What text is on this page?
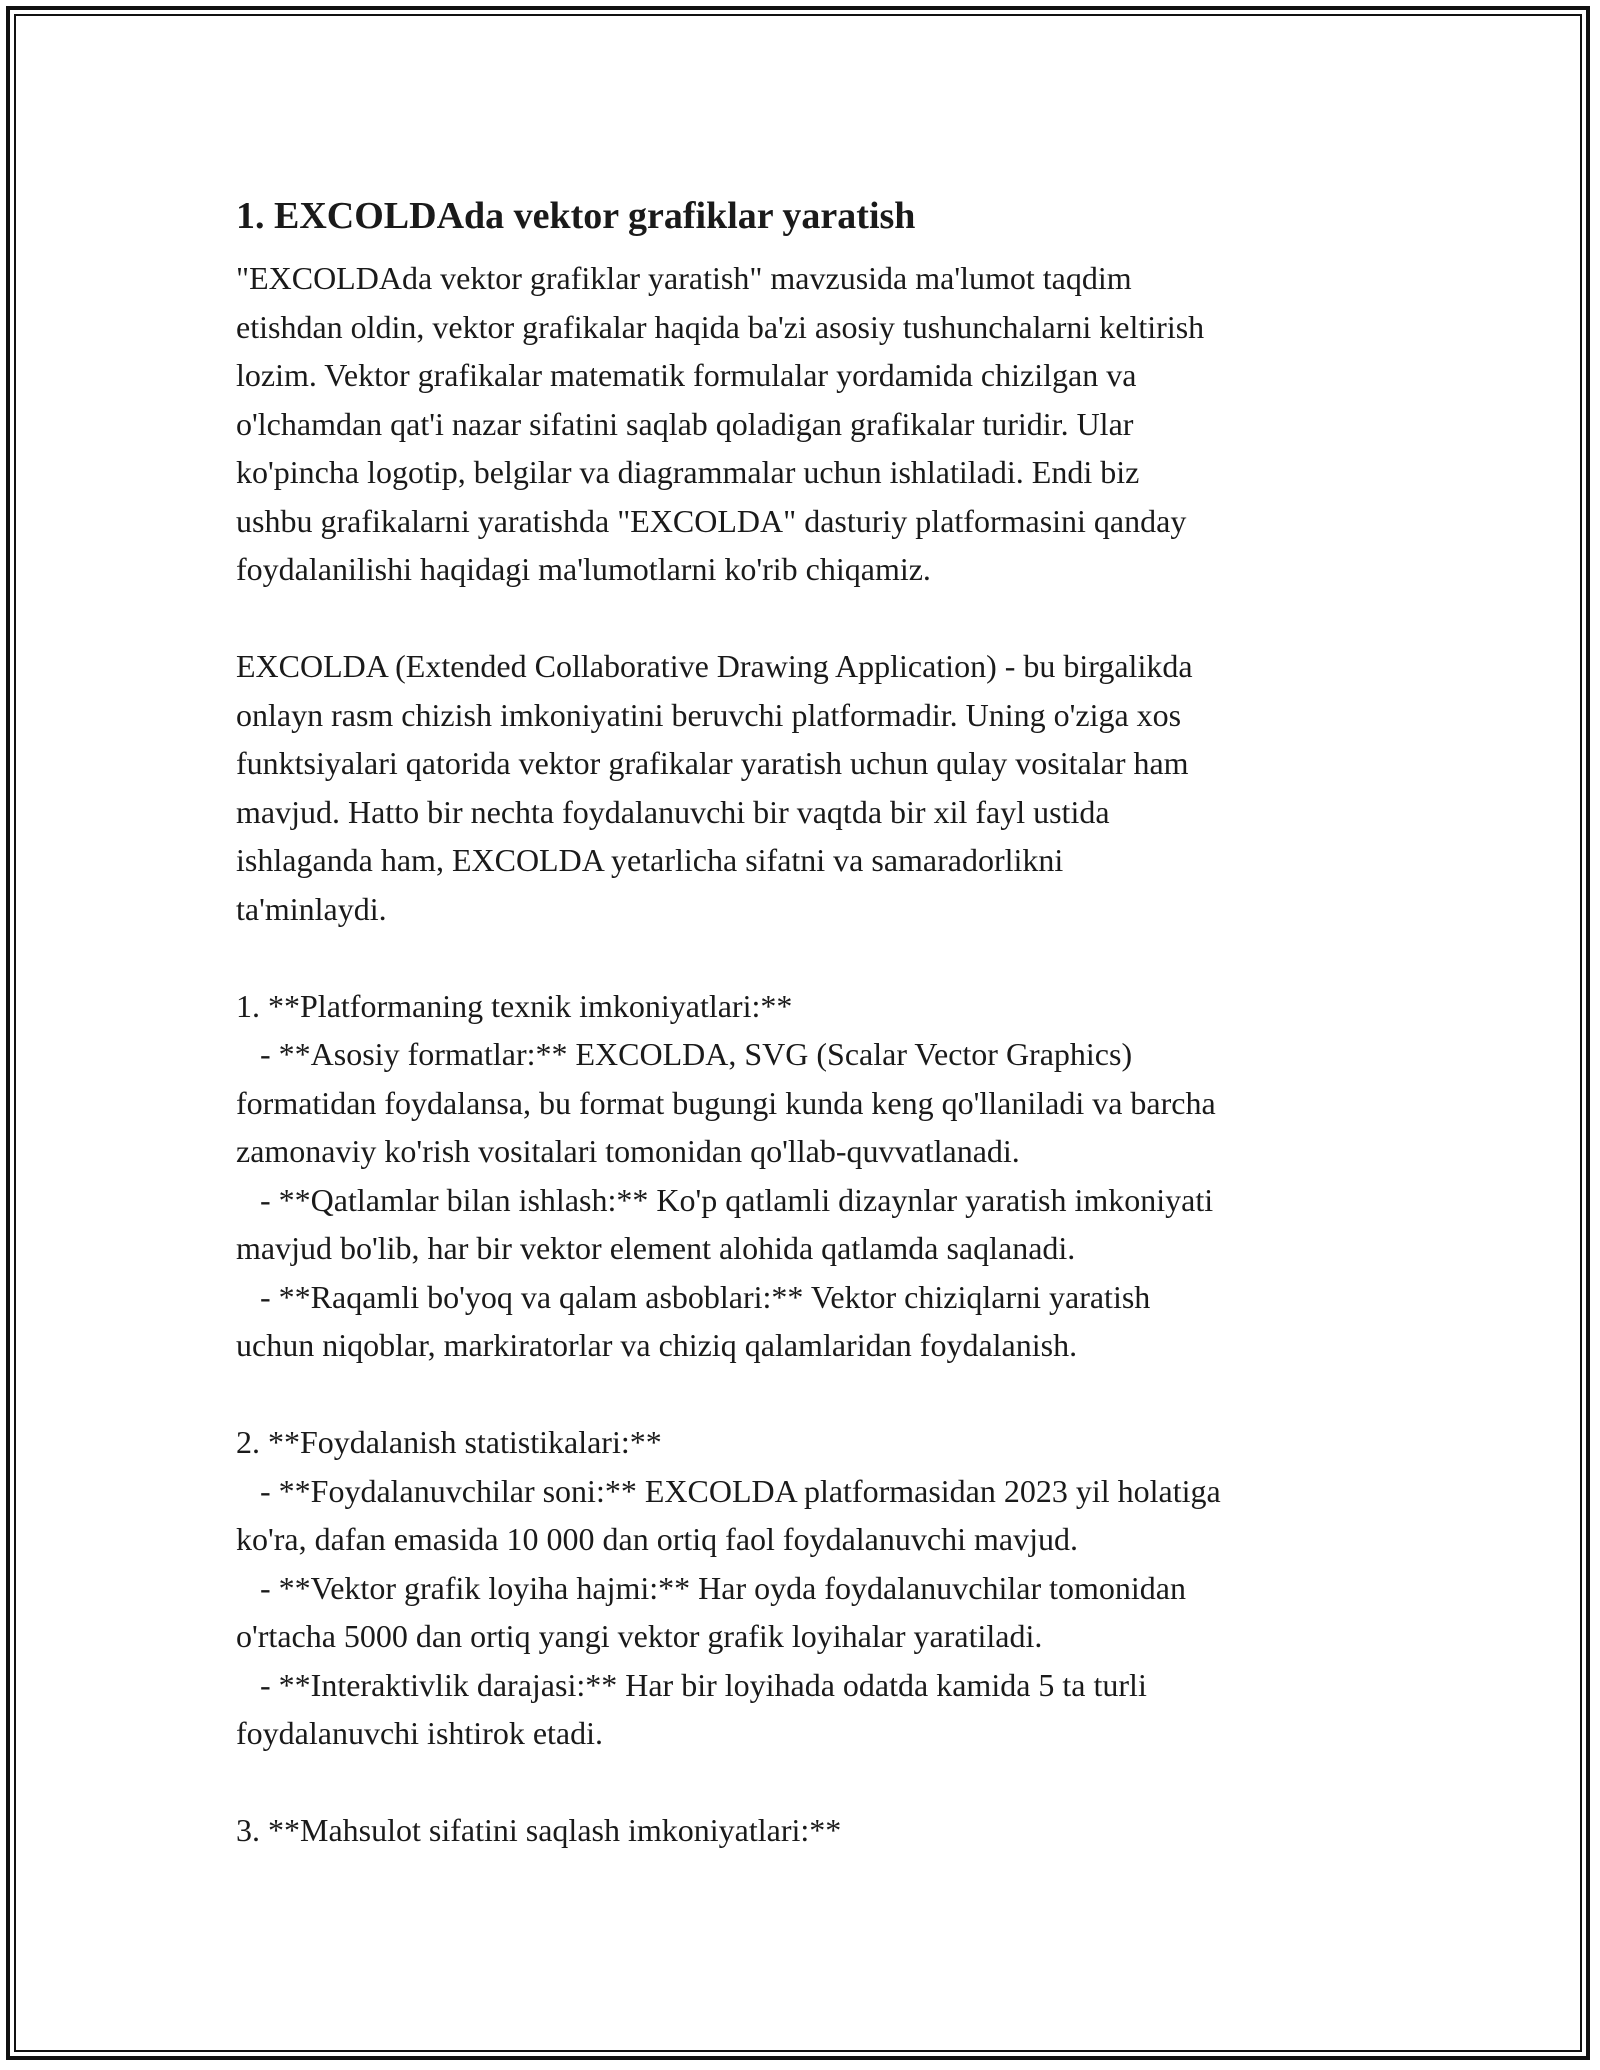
1. EXCOLDAda vektor grafiklar yaratish
"EXCOLDAda vektor grafiklar yaratish" mavzusida ma'lumot taqdim
etishdan oldin, vektor grafikalar haqida ba'zi asosiy tushunchalarni keltirish
lozim. Vektor grafikalar matematik formulalar yordamida chizilgan va
o'lchamdan qat'i nazar sifatini saqlab qoladigan grafikalar turidir. Ular
ko'pincha logotip, belgilar va diagrammalar uchun ishlatiladi. Endi biz
ushbu grafikalarni yaratishda "EXCOLDA" dasturiy platformasini qanday
foydalanilishi haqidagi ma'lumotlarni ko'rib chiqamiz.
EXCOLDA (Extended Collaborative Drawing Application) - bu birgalikda
onlayn rasm chizish imkoniyatini beruvchi platformadir. Uning o'ziga xos
funktsiyalari qatorida vektor grafikalar yaratish uchun qulay vositalar ham
mavjud. Hatto bir nechta foydalanuvchi bir vaqtda bir xil fayl ustida
ishlaganda ham, EXCOLDA yetarlicha sifatni va samaradorlikni
ta'minlaydi.
1. **Platformaning texnik imkoniyatlari:**
- **Asosiy formatlar:** EXCOLDA, SVG (Scalar Vector Graphics)
formatidan foydalansa, bu format bugungi kunda keng qo'llaniladi va barcha
zamonaviy ko'rish vositalari tomonidan qo'llab-quvvatlanadi.
- **Qatlamlar bilan ishlash:** Ko'p qatlamli dizaynlar yaratish imkoniyati
mavjud bo'lib, har bir vektor element alohida qatlamda saqlanadi.
- **Raqamli bo'yoq va qalam asboblari:** Vektor chiziqlarni yaratish
uchun niqoblar, markiratorlar va chiziq qalamlaridan foydalanish.
2. **Foydalanish statistikalari:**
- **Foydalanuvchilar soni:** EXCOLDA platformasidan 2023 yil holatiga
ko'ra, dafan emasida 10 000 dan ortiq faol foydalanuvchi mavjud.
- **Vektor grafik loyiha hajmi:** Har oyda foydalanuvchilar tomonidan
o'rtacha 5000 dan ortiq yangi vektor grafik loyihalar yaratiladi.
- **Interaktivlik darajasi:** Har bir loyihada odatda kamida 5 ta turli
foydalanuvchi ishtirok etadi.
3. **Mahsulot sifatini saqlash imkoniyatlari:**
